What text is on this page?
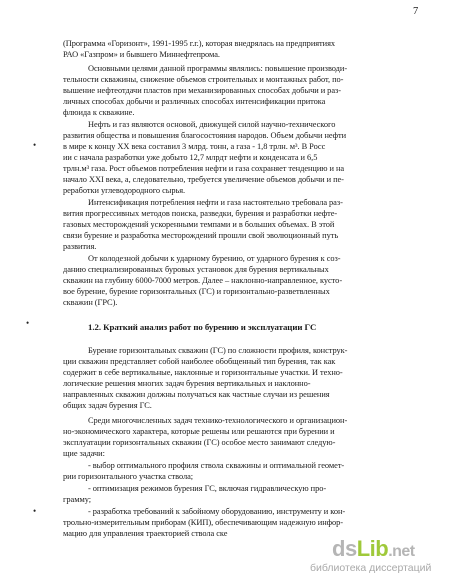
7
(Программа «Горизонт», 1991-1995 г.г.), которая внедрялась на предприятиях
РАО «Газпром» и бывшего Миннефтепрома.
Основными целями данной программы являлись: повышение производи-
тельности скважины, снижение объемов строительных и монтажных работ, по-
вышение нефтеотдачи пластов при механизированных способах добычи и раз-
личных способах добычи и различных способах интенсификации притока
флюида к скважине.
Нефть и газ являются основой, движущей силой научно-технического
развития общества и повышения благосостояния народов. Объем добычи нефти
в мире к концу ХХ века составил 3 млрд. тонн, а газа - 1,8 трлн. м³. В Росс
ии с начала разработки уже добыто 12,7 млрдт нефти и конденсата и 6,5
трлн.м³ газа. Рост объемов потребления нефти и газа сохраняет тенденцию и на
начало XXI века, а, следовательно, требуется увеличение объемов добычи и пе-
реработки углеводородного сырья.
Интенсификация потребления нефти и газа настоятельно требовала раз-
вития прогрессивных методов поиска, разведки, бурения и разработки нефте-
газовых месторождений ускоренными темпами и в больших объемах. В этой
связи бурение и разработка месторождений прошли свой эволюционный путь
развития.
От колодезной добычи к ударному бурению, от ударного бурения к соз-
данию специализированных буровых установок для бурения вертикальных
скважин на глубину 6000-7000 метров. Далее – наклонно-направленное, кусто-
вое бурение, бурение горизонтальных (ГС) и горизонтально-разветвленных
скважин (ГРС).
1.2. Краткий анализ работ по бурению и эксплуатации ГС
Бурение горизонтальных скважин (ГС) по сложности профиля, конструк-
ции скважин представляет собой наиболее обобщенный тип бурения, так как
содержит в себе вертикальные, наклонные и горизонтальные участки. И техно-
логические решения многих задач бурения вертикальных и наклонно-
направленных скважин должны получаться как частные случаи из решения
общих задач бурения ГС.
Среди многочисленных задач технико-технологического и организацион-
но-экономического характера, которые решены или решаются при бурении и
эксплуатации горизонтальных скважин (ГС) особое место занимают следую-
щие задачи:
- выбор оптимального профиля ствола скважины и оптимальной геомет-
рии горизонтального участка ствола;
- оптимизация режимов бурения ГС, включая гидравлическую про-
грамму;
- разработка требований к забойному оборудованию, инструменту и кон-
трольно-измерительным приборам (КИП), обеспечивающим надежную инфор-
мацию для управления траекторией ствола ске
•
•
•
dsLib.net
библиотека диссертаций
